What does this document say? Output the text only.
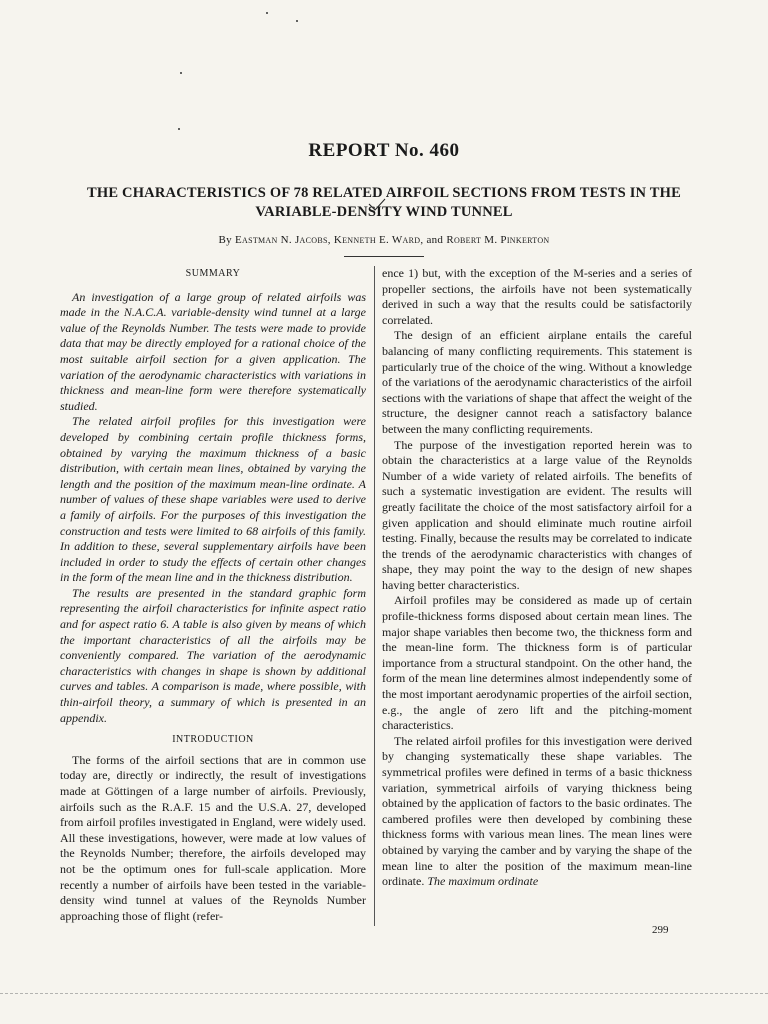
REPORT No. 460
THE CHARACTERISTICS OF 78 RELATED AIRFOIL SECTIONS FROM TESTS IN THE
VARIABLE-DENSITY WIND TUNNEL
By Eastman N. Jacobs, Kenneth E. Ward, and Robert M. Pinkerton
SUMMARY

An investigation of a large group of related airfoils was made in the N.A.C.A. variable-density wind tunnel at a large value of the Reynolds Number. The tests were made to provide data that may be directly employed for a rational choice of the most suitable airfoil section for a given application. The variation of the aerodynamic characteristics with variations in thickness and mean-line form were therefore systematically studied.

The related airfoil profiles for this investigation were developed by combining certain profile thickness forms, obtained by varying the maximum thickness of a basic distribution, with certain mean lines, obtained by varying the length and the position of the maximum mean-line ordinate. A number of values of these shape variables were used to derive a family of airfoils. For the purposes of this investigation the construction and tests were limited to 68 airfoils of this family. In addition to these, several supplementary airfoils have been included in order to study the effects of certain other changes in the form of the mean line and in the thickness distribution.

The results are presented in the standard graphic form representing the airfoil characteristics for infinite aspect ratio and for aspect ratio 6. A table is also given by means of which the important characteristics of all the airfoils may be conveniently compared. The variation of the aerodynamic characteristics with changes in shape is shown by additional curves and tables. A comparison is made, where possible, with thin-airfoil theory, a summary of which is presented in an appendix.

INTRODUCTION

The forms of the airfoil sections that are in common use today are, directly or indirectly, the result of investigations made at Göttingen of a large number of airfoils. Previously, airfoils such as the R.A.F. 15 and the U.S.A. 27, developed from airfoil profiles investigated in England, were widely used. All these investigations, however, were made at low values of the Reynolds Number; therefore, the airfoils developed may not be the optimum ones for full-scale application. More recently a number of airfoils have been tested in the variable-density wind tunnel at values of the Reynolds Number approaching those of flight (refer-

ence 1) but, with the exception of the M-series and a series of propeller sections, the airfoils have not been systematically derived in such a way that the results could be satisfactorily correlated.

The design of an efficient airplane entails the careful balancing of many conflicting requirements. This statement is particularly true of the choice of the wing. Without a knowledge of the variations of the aerodynamic characteristics of the airfoil sections with the variations of shape that affect the weight of the structure, the designer cannot reach a satisfactory balance between the many conflicting requirements.

The purpose of the investigation reported herein was to obtain the characteristics at a large value of the Reynolds Number of a wide variety of related airfoils. The benefits of such a systematic investigation are evident. The results will greatly facilitate the choice of the most satisfactory airfoil for a given application and should eliminate much routine airfoil testing. Finally, because the results may be correlated to indicate the trends of the aerodynamic characteristics with changes of shape, they may point the way to the design of new shapes having better characteristics.

Airfoil profiles may be considered as made up of certain profile-thickness forms disposed about certain mean lines. The major shape variables then become two, the thickness form and the mean-line form. The thickness form is of particular importance from a structural standpoint. On the other hand, the form of the mean line determines almost independently some of the most important aerodynamic properties of the airfoil section, e.g., the angle of zero lift and the pitching-moment characteristics.

The related airfoil profiles for this investigation were derived by changing systematically these shape variables. The symmetrical profiles were defined in terms of a basic thickness variation, symmetrical airfoils of varying thickness being obtained by the application of factors to the basic ordinates. The cambered profiles were then developed by combining these thickness forms with various mean lines. The mean lines were obtained by varying the camber and by varying the shape of the mean line to alter the position of the maximum mean-line ordinate. The maximum ordinate

299
